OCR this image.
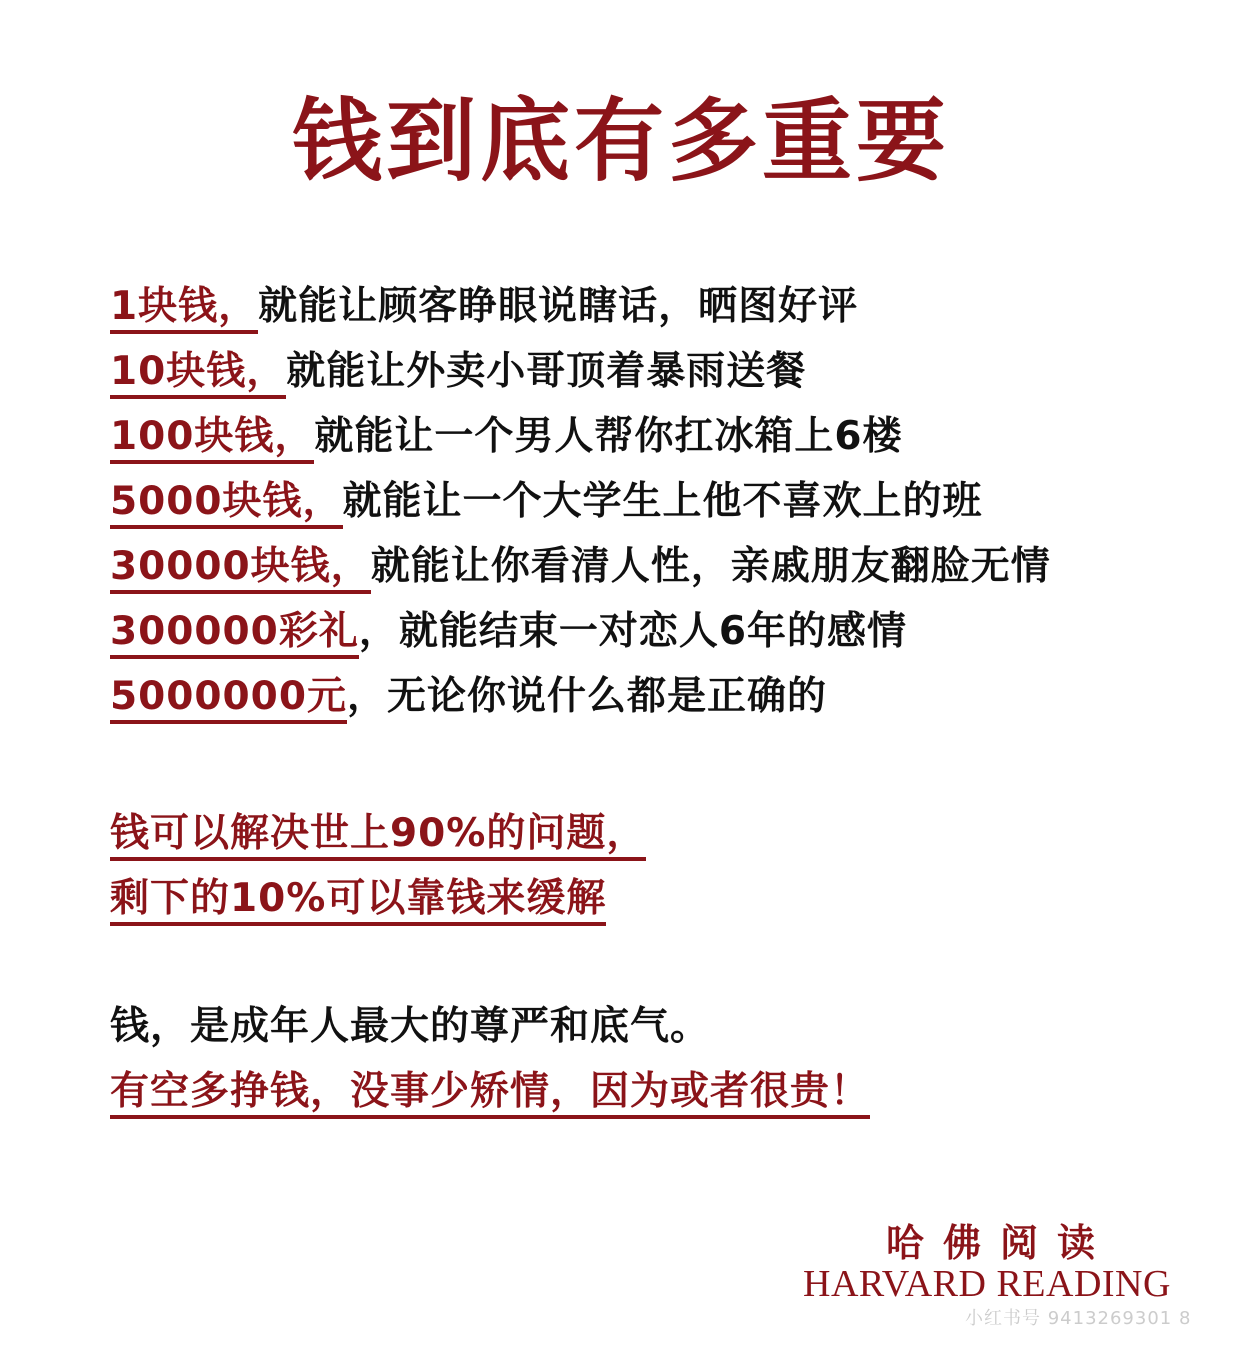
钱到底有多重要
1块钱，就能让顾客睁眼说瞎话，晒图好评
10块钱，就能让外卖小哥顶着暴雨送餐
100块钱，就能让一个男人帮你扛冰箱上6楼
5000块钱，就能让一个大学生上他不喜欢上的班
30000块钱，就能让你看清人性，亲戚朋友翻脸无情
300000彩礼，就能结束一对恋人6年的感情
5000000元，无论你说什么都是正确的
钱可以解决世上90%的问题，
剩下的10%可以靠钱来缓解
钱，是成年人最大的尊严和底气。
有空多挣钱，没事少矫情，因为或者很贵！
哈佛阅读
HARVARD READING
小红书号 9413269301 8
